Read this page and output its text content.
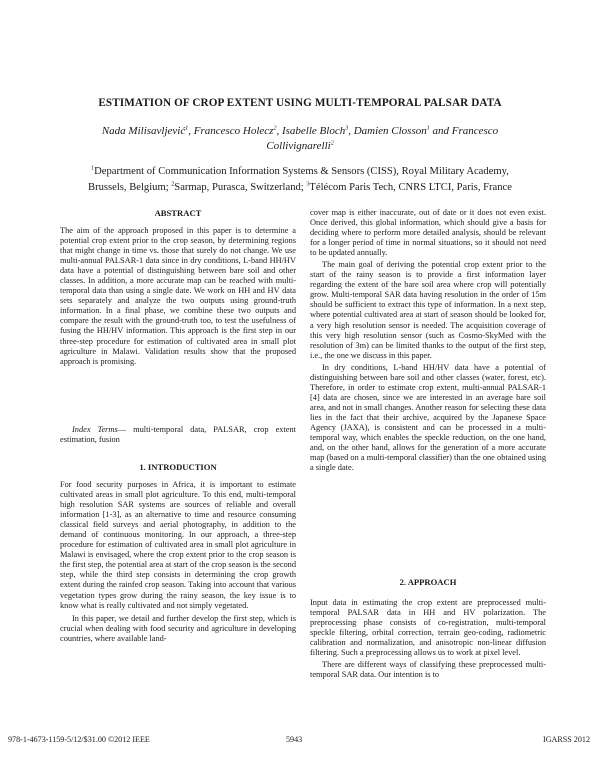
ESTIMATION OF CROP EXTENT USING MULTI-TEMPORAL PALSAR DATA
Nada Milisavljević$^1$, Francesco Holecz$^2$, Isabelle Bloch$^3$, Damien Closson$^1$ and Francesco
Collivignarelli$^2$
$^1$Department of Communication Information Systems & Sensors (CISS), Royal Military Academy,
Brussels, Belgium; $^2$Sarmap, Purasca, Switzerland; $^3$Télécom Paris Tech, CNRS LTCI, Paris, France
ABSTRACT

The aim of the approach proposed in this paper is to determine a potential crop extent prior to the crop season, by determining regions that might change in time vs. those that surely do not change. We use multi-annual PALSAR-1 data since in dry conditions, L-band HH/HV data have a potential of distinguishing between bare soil and other classes. In addition, a more accurate map can be reached with multi-temporal data than using a single date. We work on HH and HV data sets separately and analyze the two outputs using ground-truth information. In a final phase, we combine these two outputs and compare the result with the ground-truth too, to test the usefulness of fusing the HH/HV information. This approach is the first step in our three-step procedure for estimation of cultivated area in small plot agriculture in Malawi. Validation results show that the proposed approach is promising.

Index Terms— multi-temporal data, PALSAR, crop extent estimation, fusion
1. INTRODUCTION

For food security purposes in Africa, it is important to estimate cultivated areas in small plot agriculture. To this end, multi-temporal high resolution SAR systems are sources of reliable and overall information [1-3], as an alternative to time and resource consuming classical field surveys and aerial photography, in addition to the demand of continuous monitoring. In our approach, a three-step procedure for estimation of cultivated area in small plot agriculture in Malawi is envisaged, where the crop extent prior to the crop season is the first step, the potential area at start of the crop season is the second step, while the third step consists in determining the crop growth extent during the rainfed crop season. Taking into account that various vegetation types grow during the rainy season, the key issue is to know what is really cultivated and not simply vegetated.

In this paper, we detail and further develop the first step, which is crucial when dealing with food security and agriculture in developing countries, where available land-

cover map is either inaccurate, out of date or it does not even exist. Once derived, this global information, which should give a basis for deciding where to perform more detailed analysis, should be relevant for a longer period of time in normal situations, so it should not need to be updated annually.

The main goal of deriving the potential crop extent prior to the start of the rainy season is to provide a first information layer regarding the extent of the bare soil area where crop will potentially grow. Multi-temporal SAR data having resolution in the order of 15m should be sufficient to extract this type of information. In a next step, where potential cultivated area at start of season should be looked for, a very high resolution sensor is needed. The acquisition coverage of this very high resolution sensor (such as Cosmo-SkyMed with the resolution of 3m) can be limited thanks to the output of the first step, i.e., the one we discuss in this paper.

In dry conditions, L-band HH/HV data have a potential of distinguishing between bare soil and other classes (water, forest, etc). Therefore, in order to estimate crop extent, multi-annual PALSAR-1 [4] data are chosen, since we are interested in an average bare soil area, and not in small changes. Another reason for selecting these data lies in the fact that their archive, acquired by the Japanese Space Agency (JAXA), is consistent and can be processed in a multi-temporal way, which enables the speckle reduction, on the one hand, and, on the other hand, allows for the generation of a more accurate map (based on a multi-temporal classifier) than the one obtained using a single date.

2. APPROACH

Input data in estimating the crop extent are preprocessed multi-temporal PALSAR data in HH and HV polarization. The preprocessing phase consists of co-registration, multi-temporal speckle filtering, orbital correction, terrain geo-coding, radiometric calibration and normalization, and anisotropic non-linear diffusion filtering. Such a preprocessing allows us to work at pixel level.

There are different ways of classifying these preprocessed multi-temporal SAR data. Our intention is to

978-1-4673-1159-5/12/$31.00 ©2012 IEEE	5943	IGARSS 2012
